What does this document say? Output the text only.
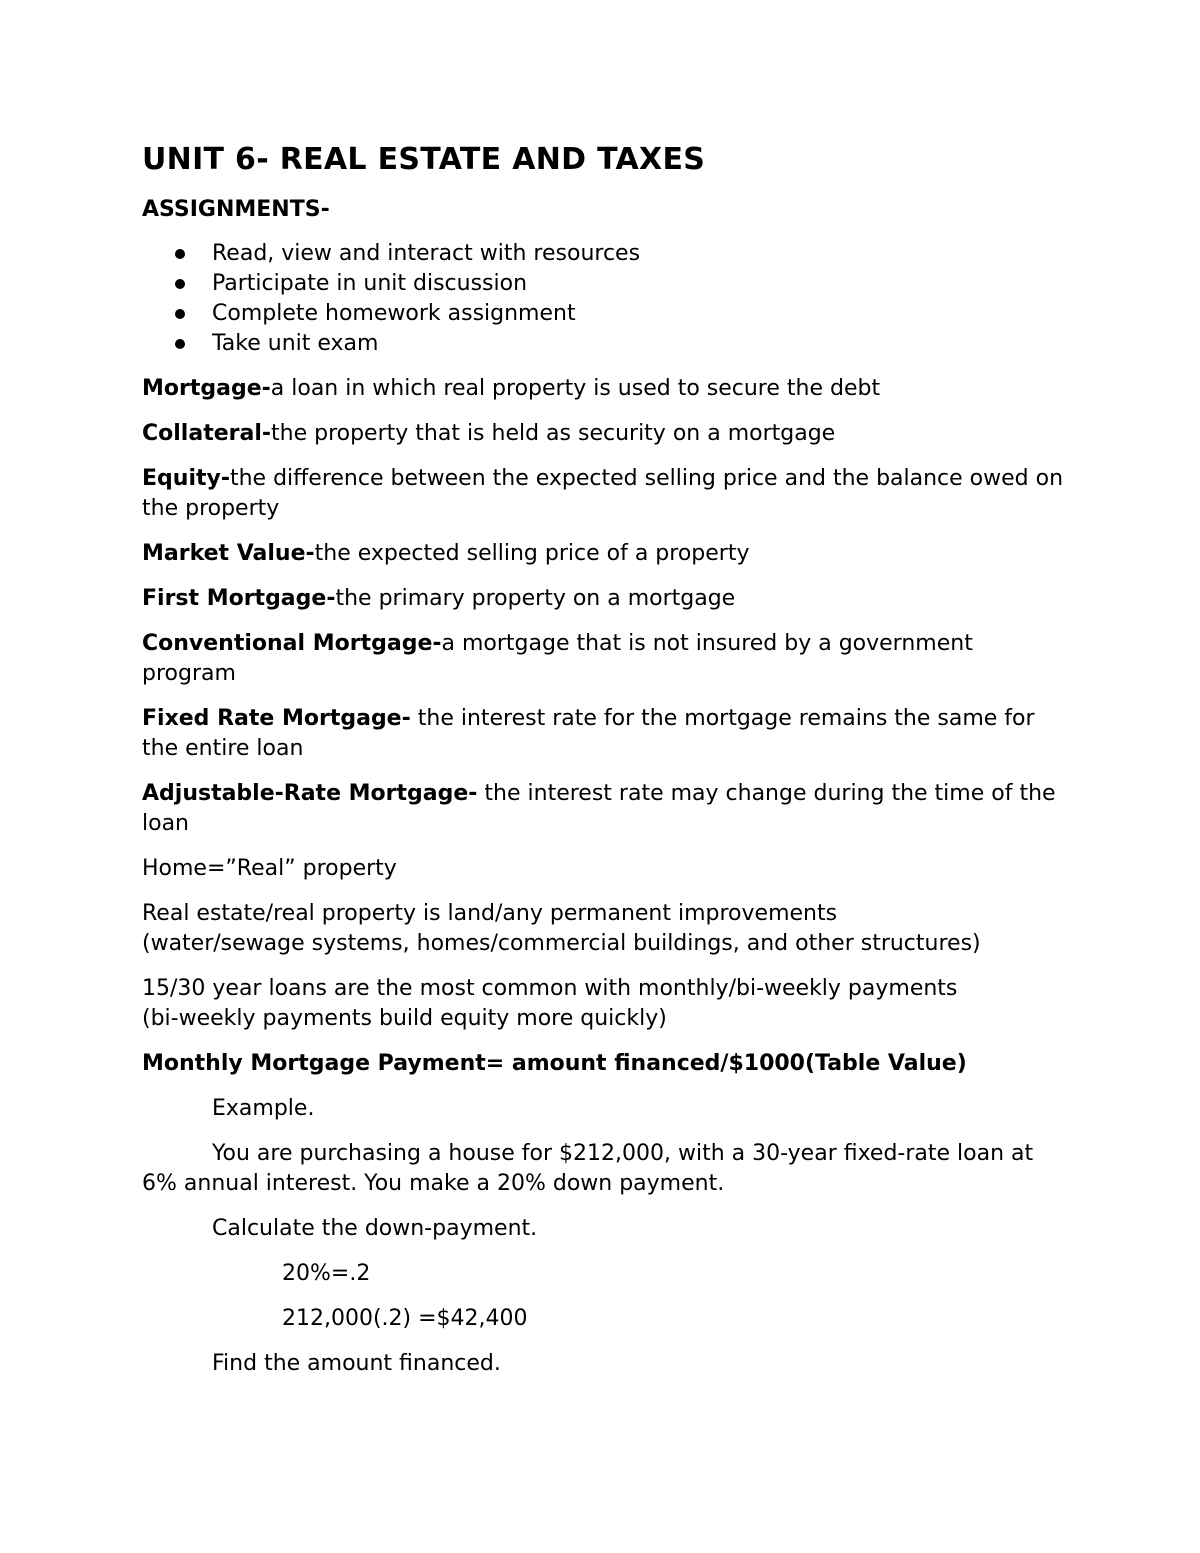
UNIT 6- REAL ESTATE AND TAXES
ASSIGNMENTS-
Read, view and interact with resources
Participate in unit discussion
Complete homework assignment
Take unit exam

Mortgage-a loan in which real property is used to secure the debt

Collateral-the property that is held as security on a mortgage

Equity-the difference between the expected selling price and the balance owed on the property

Market Value-the expected selling price of a property

First Mortgage-the primary property on a mortgage

Conventional Mortgage-a mortgage that is not insured by a government program

Fixed Rate Mortgage- the interest rate for the mortgage remains the same for the entire loan

Adjustable-Rate Mortgage- the interest rate may change during the time of the loan

Home=”Real” property

Real estate/real property is land/any permanent improvements
(water/sewage systems, homes/commercial buildings, and other structures)

15/30 year loans are the most common with monthly/bi-weekly payments
(bi-weekly payments build equity more quickly)

Monthly Mortgage Payment= amount financed/$1000(Table Value)

Example.

You are purchasing a house for $212,000, with a 30-year fixed-rate loan at 6% annual interest. You make a 20% down payment.

Calculate the down-payment.

20%=.2

212,000(.2) =$42,400

Find the amount financed.
